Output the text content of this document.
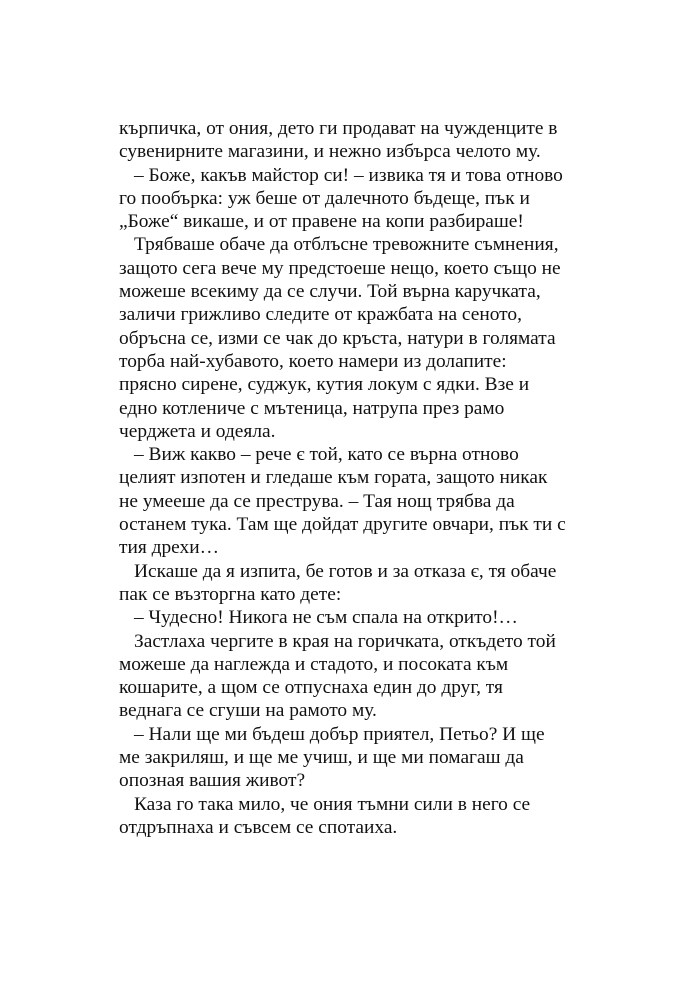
кърпичка, от ония, дето ги продават на чужденците в
сувенирните магазини, и нежно избърса челото му.
– Боже, какъв майстор си! – извика тя и това отново
го пообърка: уж беше от далечното бъдеще, пък и
„Боже“ викаше, и от правене на копи разбираше!
Трябваше обаче да отблъсне тревожните съмнения,
защото сега вече му предстоеше нещо, което също не
можеше всекиму да се случи. Той върна каручката,
заличи грижливо следите от кражбата на сеното,
обръсна се, изми се чак до кръста, натури в голямата
торба най-хубавото, което намери из долапите:
прясно сирене, суджук, кутия локум с ядки. Взе и
едно котлениче с мътеница, натрупа през рамо
черджета и одеяла.
– Виж какво – рече є той, като се върна отново
целият изпотен и гледаше към гората, защото никак
не умееше да се преструва. – Тая нощ трябва да
останем тука. Там ще дойдат другите овчари, пък ти с
тия дрехи…
Искаше да я изпита, бе готов и за отказа є, тя обаче
пак се възторгна като дете:
– Чудесно! Никога не съм спала на открито!…
Застлаха чергите в края на горичката, откъдето той
можеше да наглежда и стадото, и посоката към
кошарите, а щом се отпуснаха един до друг, тя
веднага се сгуши на рамото му.
– Нали ще ми бъдеш добър приятел, Петьо? И ще
ме закриляш, и ще ме учиш, и ще ми помагаш да
опозная вашия живот?
Каза го така мило, че ония тъмни сили в него се
отдръпнаха и съвсем се спотаиха.
